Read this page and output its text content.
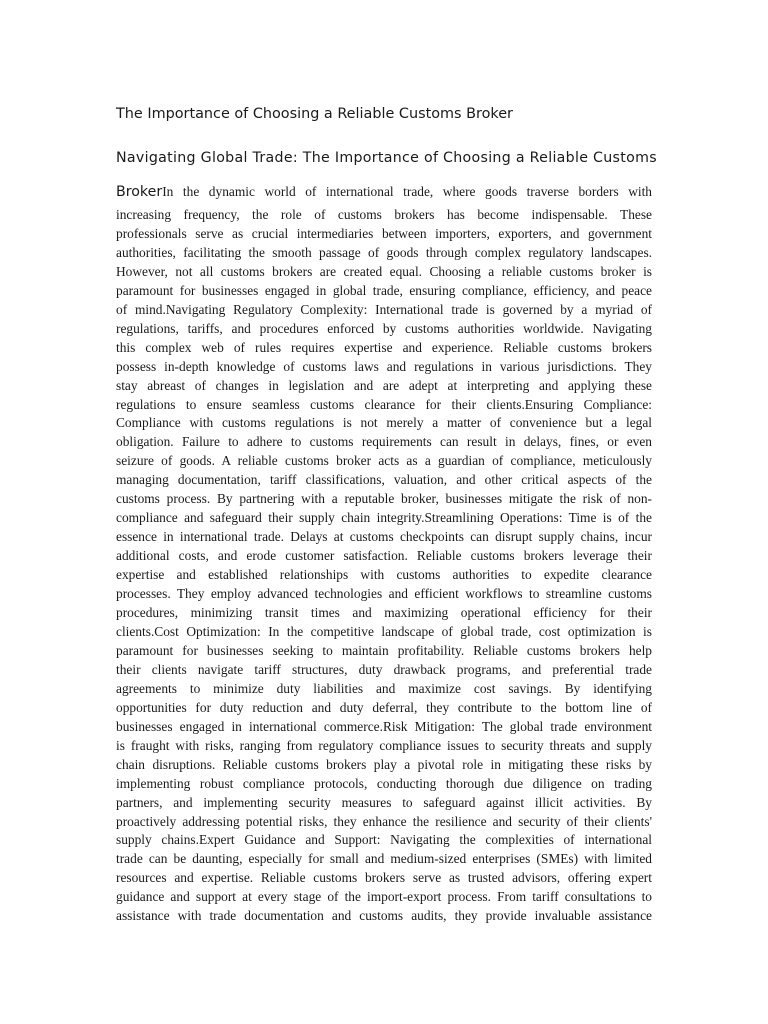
The Importance of Choosing a Reliable Customs Broker
Navigating Global Trade: The Importance of Choosing a Reliable Customs
BrokerIn the dynamic world of international trade, where goods traverse borders with
increasing frequency, the role of customs brokers has become indispensable. These
professionals serve as crucial intermediaries between importers, exporters, and government
authorities, facilitating the smooth passage of goods through complex regulatory landscapes.
However, not all customs brokers are created equal. Choosing a reliable customs broker is
paramount for businesses engaged in global trade, ensuring compliance, efficiency, and peace
of mind.Navigating Regulatory Complexity: International trade is governed by a myriad of
regulations, tariffs, and procedures enforced by customs authorities worldwide. Navigating
this complex web of rules requires expertise and experience. Reliable customs brokers
possess in-depth knowledge of customs laws and regulations in various jurisdictions. They
stay abreast of changes in legislation and are adept at interpreting and applying these
regulations to ensure seamless customs clearance for their clients.Ensuring Compliance:
Compliance with customs regulations is not merely a matter of convenience but a legal
obligation. Failure to adhere to customs requirements can result in delays, fines, or even
seizure of goods. A reliable customs broker acts as a guardian of compliance, meticulously
managing documentation, tariff classifications, valuation, and other critical aspects of the
customs process. By partnering with a reputable broker, businesses mitigate the risk of non-
compliance and safeguard their supply chain integrity.Streamlining Operations: Time is of the
essence in international trade. Delays at customs checkpoints can disrupt supply chains, incur
additional costs, and erode customer satisfaction. Reliable customs brokers leverage their
expertise and established relationships with customs authorities to expedite clearance
processes. They employ advanced technologies and efficient workflows to streamline customs
procedures, minimizing transit times and maximizing operational efficiency for their
clients.Cost Optimization: In the competitive landscape of global trade, cost optimization is
paramount for businesses seeking to maintain profitability. Reliable customs brokers help
their clients navigate tariff structures, duty drawback programs, and preferential trade
agreements to minimize duty liabilities and maximize cost savings. By identifying
opportunities for duty reduction and duty deferral, they contribute to the bottom line of
businesses engaged in international commerce.Risk Mitigation: The global trade environment
is fraught with risks, ranging from regulatory compliance issues to security threats and supply
chain disruptions. Reliable customs brokers play a pivotal role in mitigating these risks by
implementing robust compliance protocols, conducting thorough due diligence on trading
partners, and implementing security measures to safeguard against illicit activities. By
proactively addressing potential risks, they enhance the resilience and security of their clients'
supply chains.Expert Guidance and Support: Navigating the complexities of international
trade can be daunting, especially for small and medium-sized enterprises (SMEs) with limited
resources and expertise. Reliable customs brokers serve as trusted advisors, offering expert
guidance and support at every stage of the import-export process. From tariff consultations to
assistance with trade documentation and customs audits, they provide invaluable assistance
